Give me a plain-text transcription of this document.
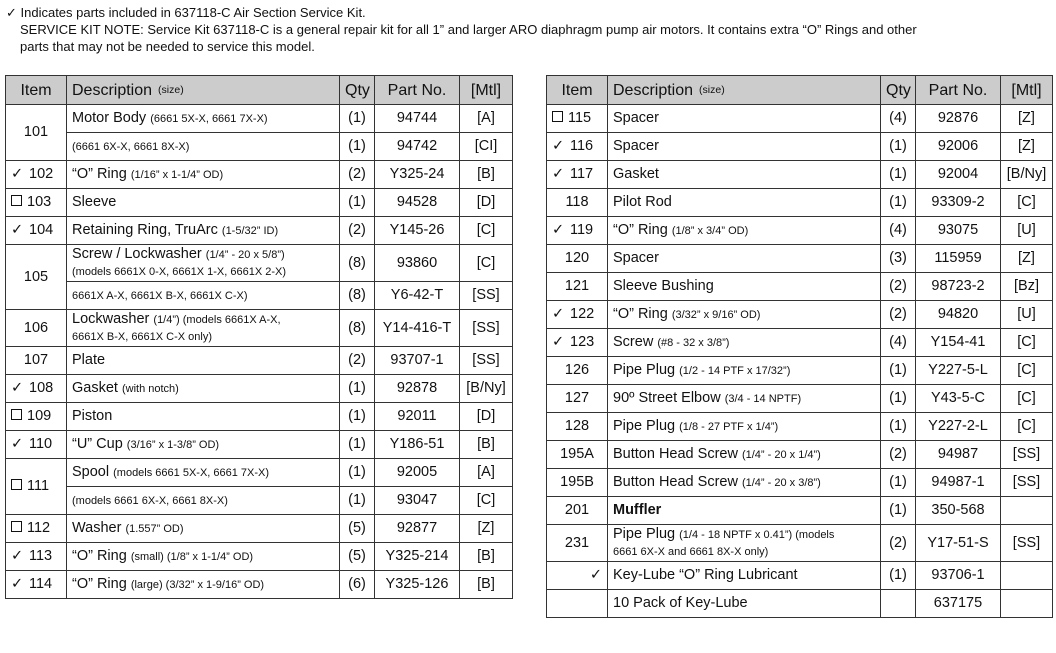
✓ Indicates parts included in 637118-C Air Section Service Kit.
SERVICE KIT NOTE: Service Kit 637118-C is a general repair kit for all 1” and larger ARO diaphragm pump air motors. It contains extra “O” Rings and other
parts that may not be needed to service this model.
Item	Description (size)	Qty	Part No.	[Mtl]
101	Motor Body (6661 5X-X, 6661 7X-X)	(1)	94744	[A]
	(6661 6X-X, 6661 8X-X)	(1)	94742	[CI]
✓ 102	“O” Ring (1/16” x 1-1/4” OD)	(2)	Y325-24	[B]
103	Sleeve	(1)	94528	[D]
✓ 104	Retaining Ring, TruArc (1-5/32” ID)	(2)	Y145-26	[C]
105	Screw / Lockwasher (1/4” - 20 x 5/8”)
(models 6661X 0-X, 6661X 1-X, 6661X 2-X)	(8)	93860	[C]
	6661X A-X, 6661X B-X, 6661X C-X)	(8)	Y6-42-T	[SS]
106	Lockwasher (1/4”) (models 6661X A-X,
6661X B-X, 6661X C-X only)	(8)	Y14-416-T	[SS]
107	Plate	(2)	93707-1	[SS]
✓ 108	Gasket (with notch)	(1)	92878	[B/Ny]
109	Piston	(1)	92011	[D]
✓ 110	“U” Cup (3/16” x 1-3/8” OD)	(1)	Y186-51	[B]
111	Spool (models 6661 5X-X, 6661 7X-X)	(1)	92005	[A]
	(models 6661 6X-X, 6661 8X-X)	(1)	93047	[C]
112	Washer (1.557” OD)	(5)	92877	[Z]
✓ 113	“O” Ring (small) (1/8” x 1-1/4” OD)	(5)	Y325-214	[B]
✓ 114	“O” Ring (large) (3/32” x 1-9/16” OD)	(6)	Y325-126	[B]
Item	Description (size)	Qty	Part No.	[Mtl]
115	Spacer	(4)	92876	[Z]
✓ 116	Spacer	(1)	92006	[Z]
✓ 117	Gasket	(1)	92004	[B/Ny]
118	Pilot Rod	(1)	93309-2	[C]
✓ 119	“O” Ring (1/8” x 3/4” OD)	(4)	93075	[U]
120	Spacer	(3)	115959	[Z]
121	Sleeve Bushing	(2)	98723-2	[Bz]
✓ 122	“O” Ring (3/32” x 9/16” OD)	(2)	94820	[U]
✓ 123	Screw (#8 - 32 x 3/8”)	(4)	Y154-41	[C]
126	Pipe Plug (1/2 - 14 PTF x 17/32”)	(1)	Y227-5-L	[C]
127	90º Street Elbow (3/4 - 14 NPTF)	(1)	Y43-5-C	[C]
128	Pipe Plug (1/8 - 27 PTF x 1/4”)	(1)	Y227-2-L	[C]
195A	Button Head Screw (1/4” - 20 x 1/4”)	(2)	94987	[SS]
195B	Button Head Screw (1/4” - 20 x 3/8”)	(1)	94987-1	[SS]
201	Muffler	(1)	350-568	
231	Pipe Plug (1/4 - 18 NPTF x 0.41”) (models
6661 6X-X and 6661 8X-X only)	(2)	Y17-51-S	[SS]
✓	Key-Lube “O” Ring Lubricant	(1)	93706-1	
	10 Pack of Key-Lube		637175	
